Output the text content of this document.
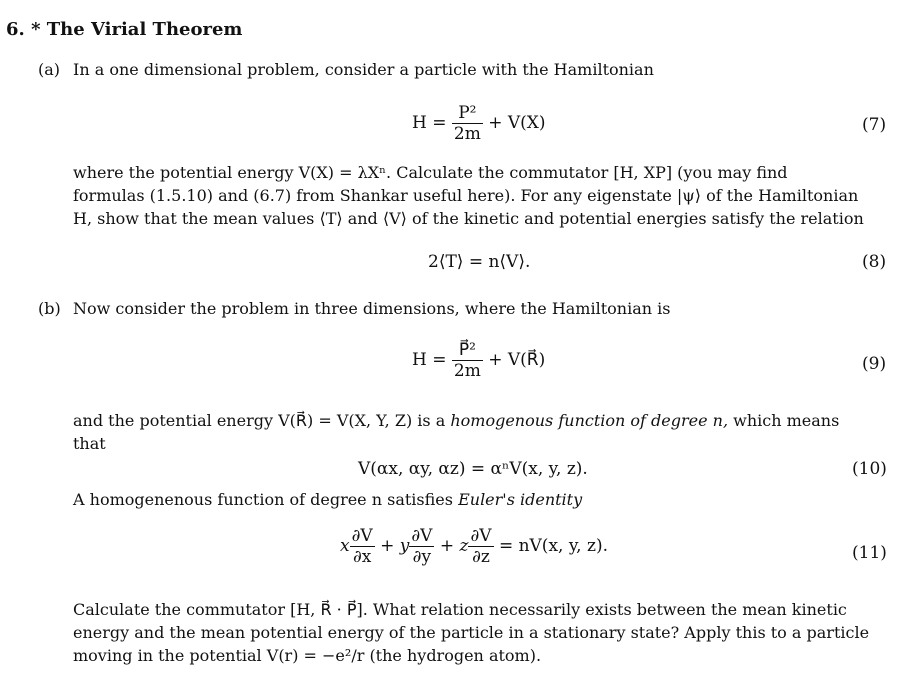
6. * The Virial Theorem
(a) In a one dimensional problem, consider a particle with the Hamiltonian
$H = \frac{\text{P²}}{2m} + V(X)$	(7)
where the potential energy V(X) = λXⁿ. Calculate the commutator [H, XP] (you may find
formulas (1.5.10) and (6.7) from Shankar useful here). For any eigenstate |ψ⟩ of the Hamiltonian
H, show that the mean values ⟨T⟩ and ⟨V⟩ of the kinetic and potential energies satisfy the relation
2⟨T⟩ = n⟨V⟩.	(8)
(b) Now consider the problem in three dimensions, where the Hamiltonian is
$H = \frac{\text{P⃗²}}{2m}$ + V(R⃗)	(9)
and the potential energy V(R⃗) = V(X, Y, Z) is a homogenous function of degree n, which means
that
V(αx, αy, αz) = αⁿV(x, y, z).	(10)
A homogenenous function of degree n satisfies Euler's identity
x $\frac{\partial V}{\partial x} + y \frac{\partial V}{\partial y} + z \frac{\partial V}{\partial z} = nV(x$, y, z).	(11)
Calculate the commutator [H, R⃗ · P⃗]. What relation necessarily exists between the mean kinetic
energy and the mean potential energy of the particle in a stationary state? Apply this to a particle
moving in the potential V(r) = −e²/r (the hydrogen atom).
